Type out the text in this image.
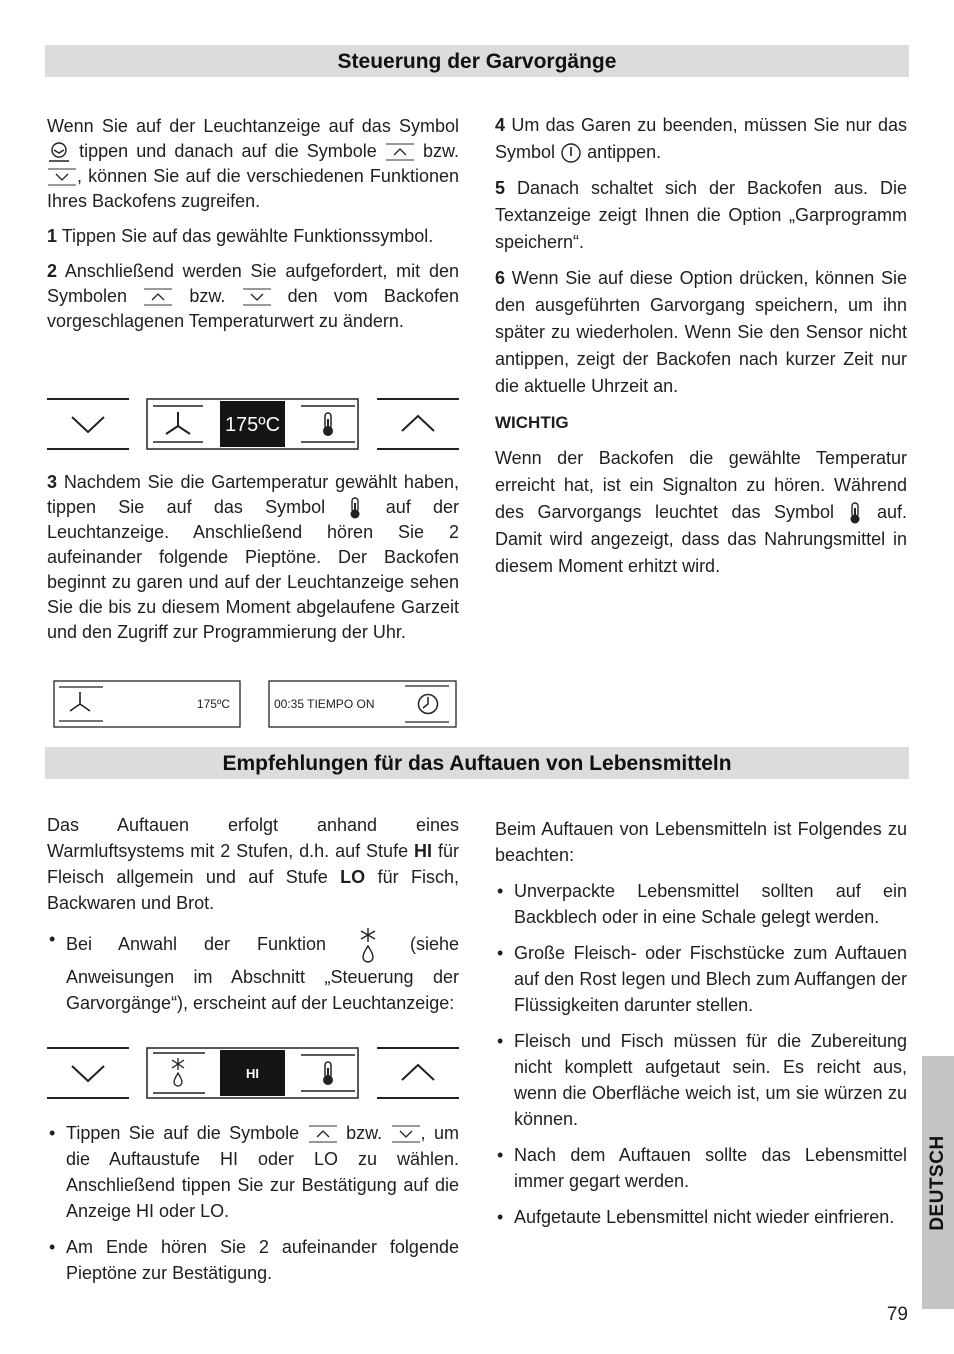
Steuerung der Garvorgänge

Wenn Sie auf der Leuchtanzeige auf das Symbol
tippen und danach auf die Symbole	bzw.
, können Sie auf die verschiedenen Funktionen Ihres Backofens zugreifen.

1 Tippen Sie auf das gewählte Funktionssymbol.

2 Anschließend werden Sie aufgefordert, mit den Symbolen	bzw.	den vom Backofen vorgeschlagenen Temperaturwert zu ändern.

175ºC

3 Nachdem Sie die Gartemperatur gewählt haben, tippen Sie auf das Symbol	auf der Leuchtanzeige. Anschließend hören Sie 2 aufeinander folgende Pieptöne. Der Backofen beginnt zu garen und auf der Leuchtanzeige sehen Sie die bis zu diesem Moment abgelaufene Garzeit und den Zugriff zur Programmierung der Uhr.

175ºC	00:35 TIEMPO ON

4 Um das Garen zu beenden, müssen Sie nur das Symbol antippen.

5 Danach schaltet sich der Backofen aus. Die Textanzeige zeigt Ihnen die Option „Garprogramm speichern“.

6 Wenn Sie auf diese Option drücken, können Sie den ausgeführten Garvorgang speichern, um ihn später zu wiederholen. Wenn Sie den Sensor nicht antippen, zeigt der Backofen nach kurzer Zeit nur die aktuelle Uhrzeit an.

WICHTIG

Wenn der Backofen die gewählte Temperatur erreicht hat, ist ein Signalton zu hören. Während des Garvorgangs leuchtet das Symbol auf. Damit wird angezeigt, dass das Nahrungsmittel in diesem Moment erhitzt wird.

Empfehlungen für das Auftauen von Lebensmitteln

Das Auftauen erfolgt anhand eines Warmluftsystems mit 2 Stufen, d.h. auf Stufe HI für Fleisch allgemein und auf Stufe LO für Fisch, Backwaren und Brot.

• Bei Anwahl der Funktion	(siehe Anweisungen im Abschnitt „Steuerung der Garvorgänge“), erscheint auf der Leuchtanzeige:
HI
• Tippen Sie auf die Symbole	bzw. , um die Auftaustufe HI oder LO zu wählen. Anschließend tippen Sie zur Bestätigung auf die Anzeige HI oder LO.
• Am Ende hören Sie 2 aufeinander folgende Pieptöne zur Bestätigung.

Beim Auftauen von Lebensmitteln ist Folgendes zu beachten:

• Unverpackte Lebensmittel sollten auf ein Backblech oder in eine Schale gelegt werden.
• Große Fleisch- oder Fischstücke zum Auftauen auf den Rost legen und Blech zum Auffangen der Flüssigkeiten darunter stellen.
• Fleisch und Fisch müssen für die Zubereitung nicht komplett aufgetaut sein. Es reicht aus, wenn die Oberfläche weich ist, um sie würzen zu können.
• Nach dem Auftauen sollte das Lebensmittel immer gegart werden.
• Aufgetaute Lebensmittel nicht wieder einfrieren.	DEUTSCH
79
